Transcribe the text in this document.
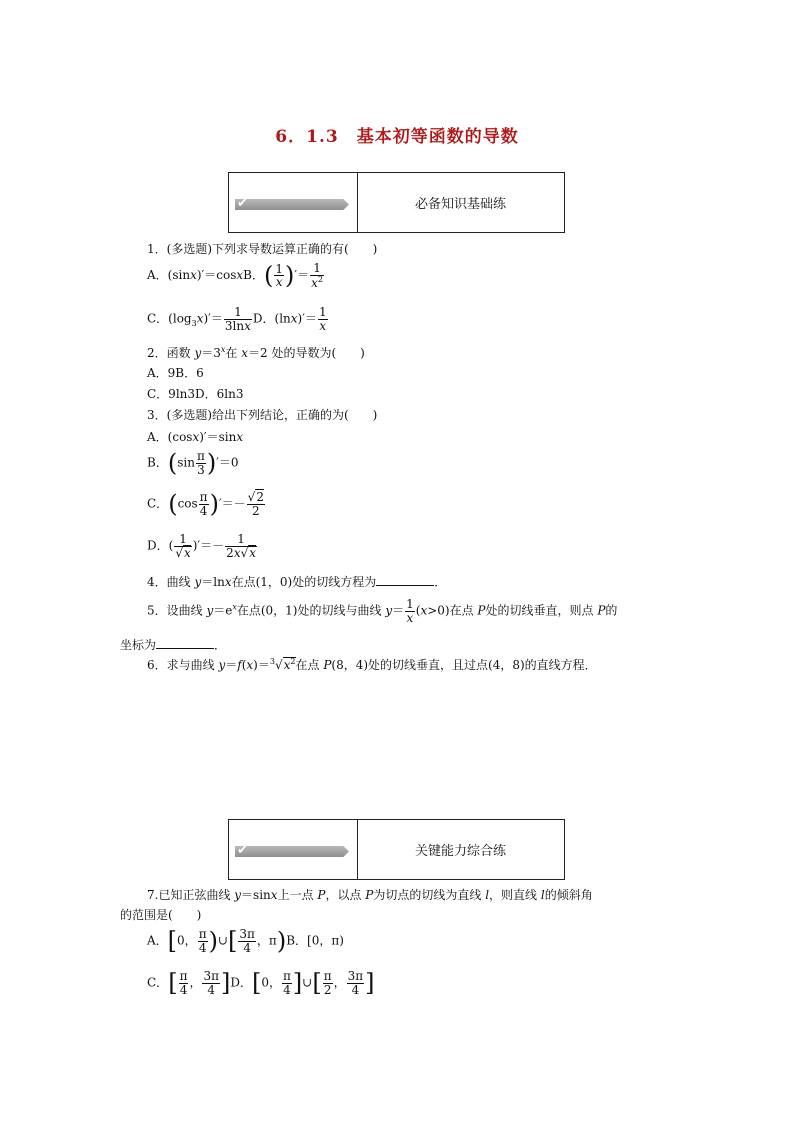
6．1.3　基本初等函数的导数
✔	必备知识基础练
1．(多选题)下列求导数运算正确的有(　　)
A．(sinx)′＝cosxB．( $\frac{1}{x}$ )′＝ $\frac{1}{x^2}$
C．$(\log_3x)'= \frac{1}{3\ln x}$ D．$(\ln x)'= \frac{1}{x}$
2．函数 $y=3^x$在 x＝2 处的导数为(　　)
A．9B．6
C．9ln3D．6ln3
3．(多选题)给出下列结论，正确的为(　　)
A．(cosx)′＝sinx
B．$(\sin \frac{\pi}{3} )'=0$
C．($\cos \frac{\pi}{4}$ )′＝－ $\frac{√2}{2}$
D．( $\frac{1}{√x}$ )′＝－ $\frac{1}{2x√x}$
4．曲线 y＝lnx在点(1，0)处的切线方程为	．
5．设曲线 $y=e^x$在点(0，1)处的切线与曲线 $y= \frac{1}{x} (x>0)$在点 P处的切线垂直，则点 P的
坐标为	．
6．求与曲线 $y=f(x)=^3√x^2$在点 P(8，4)处的切线垂直，且过点(4，8)的直线方程．
✔	关键能力综合练
7.已知正弦曲线 y＝sinx上一点 P，以点 P为切点的切线为直线 l，则直线 l的倾斜角
的范围是(　　)
A．[0， $\frac{\pi}{4}$ )∪[ $\frac{3\pi}{4}$ ，π)B．[0，π)
C．[ $\frac{\pi}{4}$ ， $\frac{3\pi}{4} ]D$．[0， $\frac{\pi}{4}$ ]∪[ $\frac{\pi}{2}$ ， $\frac{3\pi}{4}$ ]
